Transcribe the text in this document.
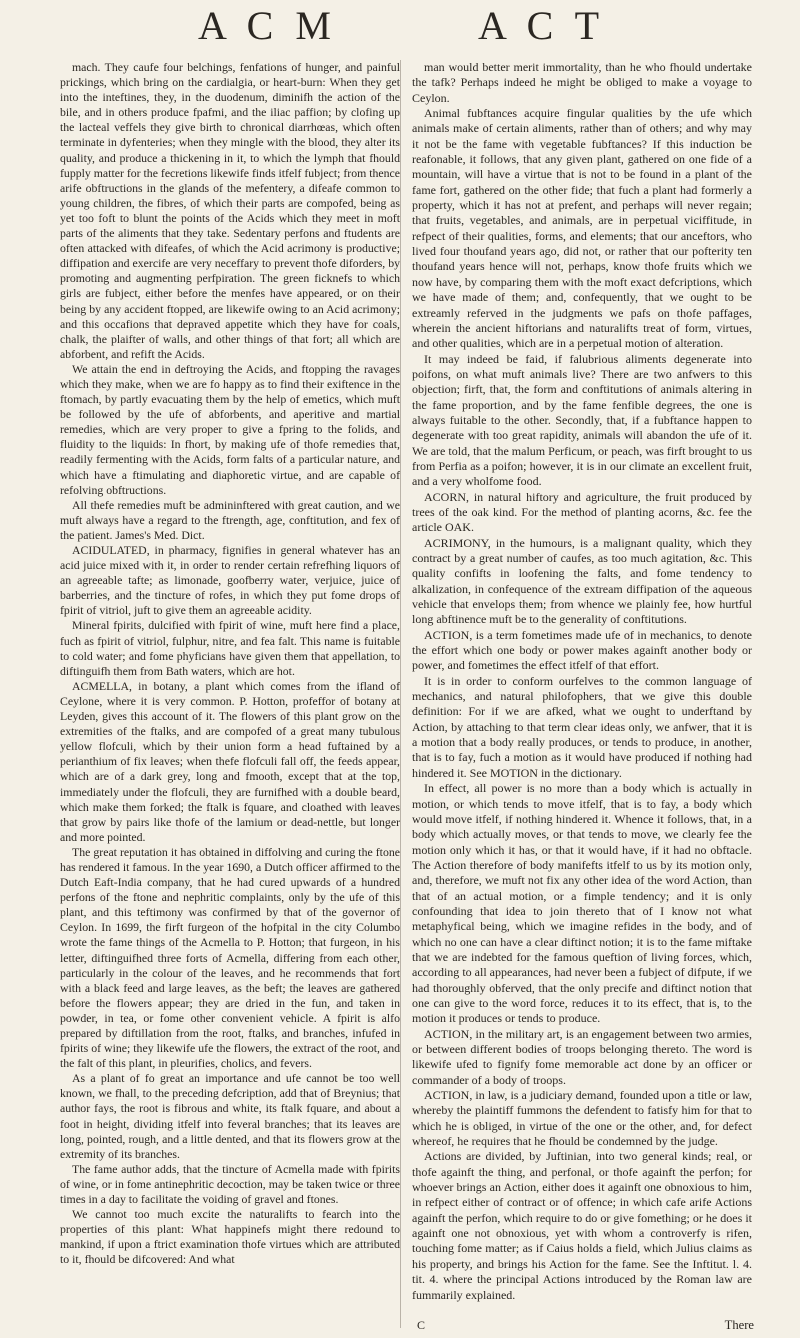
A C M	A C T

mach. They caufe four belchings, fenfations of hunger, and painful prickings, which bring on the cardialgia, or heart-burn: When they get into the inteftines, they, in the duodenum, diminifh the action of the bile, and in others produce fpafmi, and the iliac paffion; by clofing up the lacteal veffels they give birth to chronical diarrhœas, which often terminate in dyfenteries; when they mingle with the blood, they alter its quality, and produce a thickening in it, to which the lymph that fhould fupply matter for the fecretions likewife finds itfelf fubject; from thence arife obftructions in the glands of the mefentery, a difeafe common to young children, the fibres, of which their parts are compofed, being as yet too foft to blunt the points of the Acids which they meet in moft parts of the aliments that they take. Sedentary perfons and ftudents are often attacked with difeafes, of which the Acid acrimony is productive; diffipation and exercife are very neceffary to prevent thofe diforders, by promoting and augmenting perfpiration. The green ficknefs to which girls are fubject, either before the menfes have appeared, or on their being by any accident ftopped, are likewife owing to an Acid acrimony; and this occafions that depraved appetite which they have for coals, chalk, the plaifter of walls, and other things of that fort; all which are abforbent, and refift the Acids.

We attain the end in deftroying the Acids, and ftopping the ravages which they make, when we are fo happy as to find their exiftence in the ftomach, by partly evacuating them by the help of emetics, which muft be followed by the ufe of abforbents, and aperitive and martial remedies, which are very proper to give a fpring to the folids, and fluidity to the liquids: In fhort, by making ufe of thofe remedies that, readily fermenting with the Acids, form falts of a particular nature, and which have a ftimulating and diaphoretic virtue, and are capable of refolving obftructions.

All thefe remedies muft be admininftered with great caution, and we muft always have a regard to the ftrength, age, conftitution, and fex of the patient. James's Med. Dict.

ACIDULATED, in pharmacy, fignifies in general whatever has an acid juice mixed with it, in order to render certain refrefhing liquors of an agreeable tafte; as limonade, goofberry water, verjuice, juice of barberries, and the tincture of rofes, in which they put fome drops of fpirit of vitriol, juft to give them an agreeable acidity.

Mineral fpirits, dulcified with fpirit of wine, muft here find a place, fuch as fpirit of vitriol, fulphur, nitre, and fea falt. This name is fuitable to cold water; and fome phyficians have given them that appellation, to diftinguifh them from Bath waters, which are hot.

ACMELLA, in botany, a plant which comes from the ifland of Ceylone, where it is very common. P. Hotton, profeffor of botany at Leyden, gives this account of it. The flowers of this plant grow on the extremities of the ftalks, and are compofed of a great many tubulous yellow flofculi, which by their union form a head fuftained by a perianthium of fix leaves; when thefe flofculi fall off, the feeds appear, which are of a dark grey, long and fmooth, except that at the top, immediately under the flofculi, they are furnifhed with a double beard, which make them forked; the ftalk is fquare, and cloathed with leaves that grow by pairs like thofe of the lamium or dead-nettle, but longer and more pointed.

The great reputation it has obtained in diffolving and curing the ftone has rendered it famous. In the year 1690, a Dutch officer affirmed to the Dutch Eaft-India company, that he had cured upwards of a hundred perfons of the ftone and nephritic complaints, only by the ufe of this plant, and this teftimony was confirmed by that of the governor of Ceylon. In 1699, the firft furgeon of the hofpital in the city Columbo wrote the fame things of the Acmella to P. Hotton; that furgeon, in his letter, diftinguifhed three forts of Acmella, differing from each other, particularly in the colour of the leaves, and he recommends that fort with a black feed and large leaves, as the beft; the leaves are gathered before the flowers appear; they are dried in the fun, and taken in powder, in tea, or fome other convenient vehicle. A fpirit is alfo prepared by diftillation from the root, ftalks, and branches, infufed in fpirits of wine; they likewife ufe the flowers, the extract of the root, and the falt of this plant, in pleurifies, cholics, and fevers.

As a plant of fo great an importance and ufe cannot be too well known, we fhall, to the preceding defcription, add that of Breynius; that author fays, the root is fibrous and white, its ftalk fquare, and about a foot in height, dividing itfelf into feveral branches; that its leaves are long, pointed, rough, and a little dented, and that its flowers grow at the extremity of its branches.

The fame author adds, that the tincture of Acmella made with fpirits of wine, or in fome antinephritic decoction, may be taken twice or three times in a day to facilitate the voiding of gravel and ftones.

We cannot too much excite the naturalifts to fearch into the properties of this plant: What happinefs might there redound to mankind, if upon a ftrict examination thofe virtues which are attributed to it, fhould be difcovered: And what

man would better merit immortality, than he who fhould undertake the tafk? Perhaps indeed he might be obliged to make a voyage to Ceylon.

Animal fubftances acquire fingular qualities by the ufe which animals make of certain aliments, rather than of others; and why may it not be the fame with vegetable fubftances? If this induction be reafonable, it follows, that any given plant, gathered on one fide of a mountain, will have a virtue that is not to be found in a plant of the fame fort, gathered on the other fide; that fuch a plant had formerly a property, which it has not at prefent, and perhaps will never regain; that fruits, vegetables, and animals, are in perpetual viciffitude, in refpect of their qualities, forms, and elements; that our anceftors, who lived four thoufand years ago, did not, or rather that our pofterity ten thoufand years hence will not, perhaps, know thofe fruits which we now have, by comparing them with the moft exact defcriptions, which we have made of them; and, confequently, that we ought to be extreamly referved in the judgments we pafs on thofe paffages, wherein the ancient hiftorians and naturalifts treat of form, virtues, and other qualities, which are in a perpetual motion of alteration.

It may indeed be faid, if falubrious aliments degenerate into poifons, on what muft animals live? There are two anfwers to this objection; firft, that, the form and conftitutions of animals altering in the fame proportion, and by the fame fenfible degrees, the one is always fuitable to the other. Secondly, that, if a fubftance happen to degenerate with too great rapidity, animals will abandon the ufe of it. We are told, that the malum Perficum, or peach, was firft brought to us from Perfia as a poifon; however, it is in our climate an excellent fruit, and a very wholfome food.

ACORN, in natural hiftory and agriculture, the fruit produced by trees of the oak kind. For the method of planting acorns, &c. fee the article OAK.

ACRIMONY, in the humours, is a malignant quality, which they contract by a great number of caufes, as too much agitation, &c. This quality confifts in loofening the falts, and fome tendency to alkalization, in confequence of the extream diffipation of the aqueous vehicle that envelops them; from whence we plainly fee, how hurtful long abftinence muft be to the generality of conftitutions.

ACTION, is a term fometimes made ufe of in mechanics, to denote the effort which one body or power makes againft another body or power, and fometimes the effect itfelf of that effort.

It is in order to conform ourfelves to the common language of mechanics, and natural philofophers, that we give this double definition: For if we are afked, what we ought to underftand by Action, by attaching to that term clear ideas only, we anfwer, that it is a motion that a body really produces, or tends to produce, in another, that is to fay, fuch a motion as it would have produced if nothing had hindered it. See MOTION in the dictionary.

In effect, all power is no more than a body which is actually in motion, or which tends to move itfelf, that is to fay, a body which would move itfelf, if nothing hindered it. Whence it follows, that, in a body which actually moves, or that tends to move, we clearly fee the motion only which it has, or that it would have, if it had no obftacle. The Action therefore of body manifefts itfelf to us by its motion only, and, therefore, we muft not fix any other idea of the word Action, than that of an actual motion, or a fimple tendency; and it is only confounding that idea to join thereto that of I know not what metaphyfical being, which we imagine refides in the body, and of which no one can have a clear diftinct notion; it is to the fame miftake that we are indebted for the famous queftion of living forces, which, according to all appearances, had never been a fubject of difpute, if we had thoroughly obferved, that the only precife and diftinct notion that one can give to the word force, reduces it to its effect, that is, to the motion it produces or tends to produce.

ACTION, in the military art, is an engagement between two armies, or between different bodies of troops belonging thereto. The word is likewife ufed to fignify fome memorable act done by an officer or commander of a body of troops.

ACTION, in law, is a judiciary demand, founded upon a title or law, whereby the plaintiff fummons the defendent to fatisfy him for that to which he is obliged, in virtue of the one or the other, and, for defect whereof, he requires that he fhould be condemned by the judge.

Actions are divided, by Juftinian, into two general kinds; real, or thofe againft the thing, and perfonal, or thofe againft the perfon; for whoever brings an Action, either does it againft one obnoxious to him, in refpect either of contract or of offence; in which cafe arife Actions againft the perfon, which require to do or give fomething; or he does it againft one not obnoxious, yet with whom a controverfy is rifen, touching fome matter; as if Caius holds a field, which Julius claims as his property, and brings his Action for the fame. See the Inftitut. l. 4. tit. 4. where the principal Actions introduced by the Roman law are fummarily explained.

C	There
